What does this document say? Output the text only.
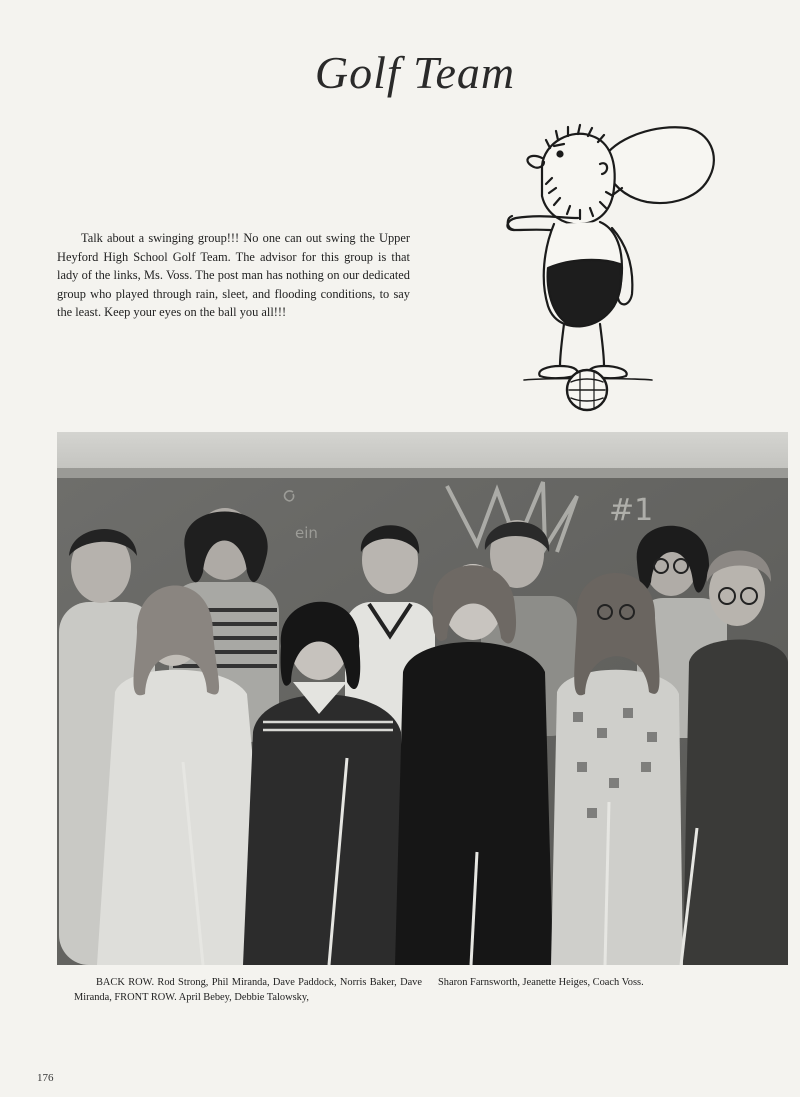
Golf Team
Talk about a swinging group!!! No one can out swing the Upper Heyford High School Golf Team. The advisor for this group is that lady of the links, Ms. Voss. The post man has nothing on our dedicated group who played through rain, sleet, and flooding conditions, to say the least. Keep your eyes on the ball you all!!!
ein
#1
BACK ROW. Rod Strong, Phil Miranda, Dave Paddock, Norris Baker, Dave Miranda, FRONT ROW. April Bebey, Debbie Talowsky,
Sharon Farnsworth, Jeanette Heiges, Coach Voss.
176
